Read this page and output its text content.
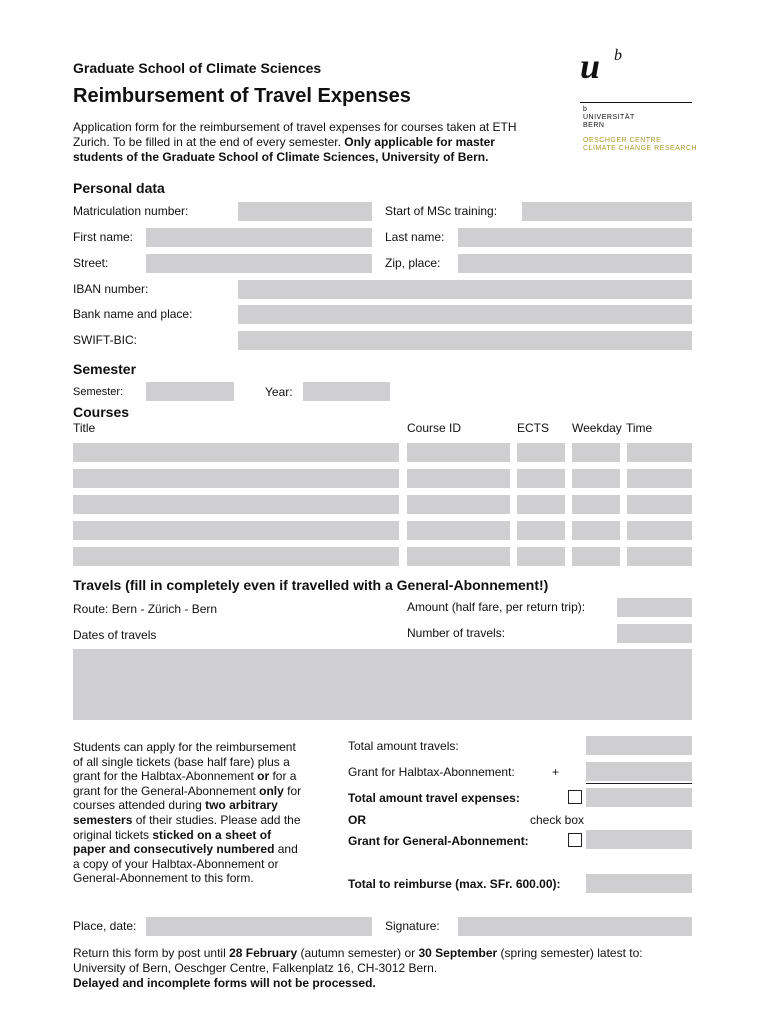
Graduate School of Climate Sciences
Reimbursement of Travel Expenses
Application form for the reimbursement of travel expenses for courses taken at ETH
Zurich. To be filled in at the end of every semester. Only applicable for master
students of the Graduate School of Climate Sciences, University of Bern.
u b
b
UNIVERSITÄT
BERN
OESCHGER CENTRE
CLIMATE CHANGE RESEARCH
Personal data
Matriculation number:	Start of MSc training:
First name:	Last name:
Street:	Zip, place:
IBAN number:
Bank name and place:
SWIFT-BIC:
Semester
Semester:	Year:
Courses
Title	Course ID	ECTS Weekday Time
Travels (fill in completely even if travelled with a General-Abonnement!)
Route: Bern - Zürich - Bern	Amount (half fare, per return trip):
Dates of travels	Number of travels:
Students can apply for the reimbursement
of all single tickets (base half fare) plus a
grant for the Halbtax-Abonnement or for a
grant for the General-Abonnement only for
courses attended during two arbitrary
semesters of their studies. Please add the
original tickets sticked on a sheet of
paper and consecutively numbered and
a copy of your Halbtax-Abonnement or
General-Abonnement to this form.
Total amount travels:
Grant for Halbtax-Abonnement:	+
Total amount travel expenses:
OR	check box
Grant for General-Abonnement:
Total to reimburse (max. SFr. 600.00):
Place, date:	Signature:
Return this form by post until 28 February (autumn semester) or 30 September (spring semester) latest to:
University of Bern, Oeschger Centre, Falkenplatz 16, CH-3012 Bern.
Delayed and incomplete forms will not be processed.
